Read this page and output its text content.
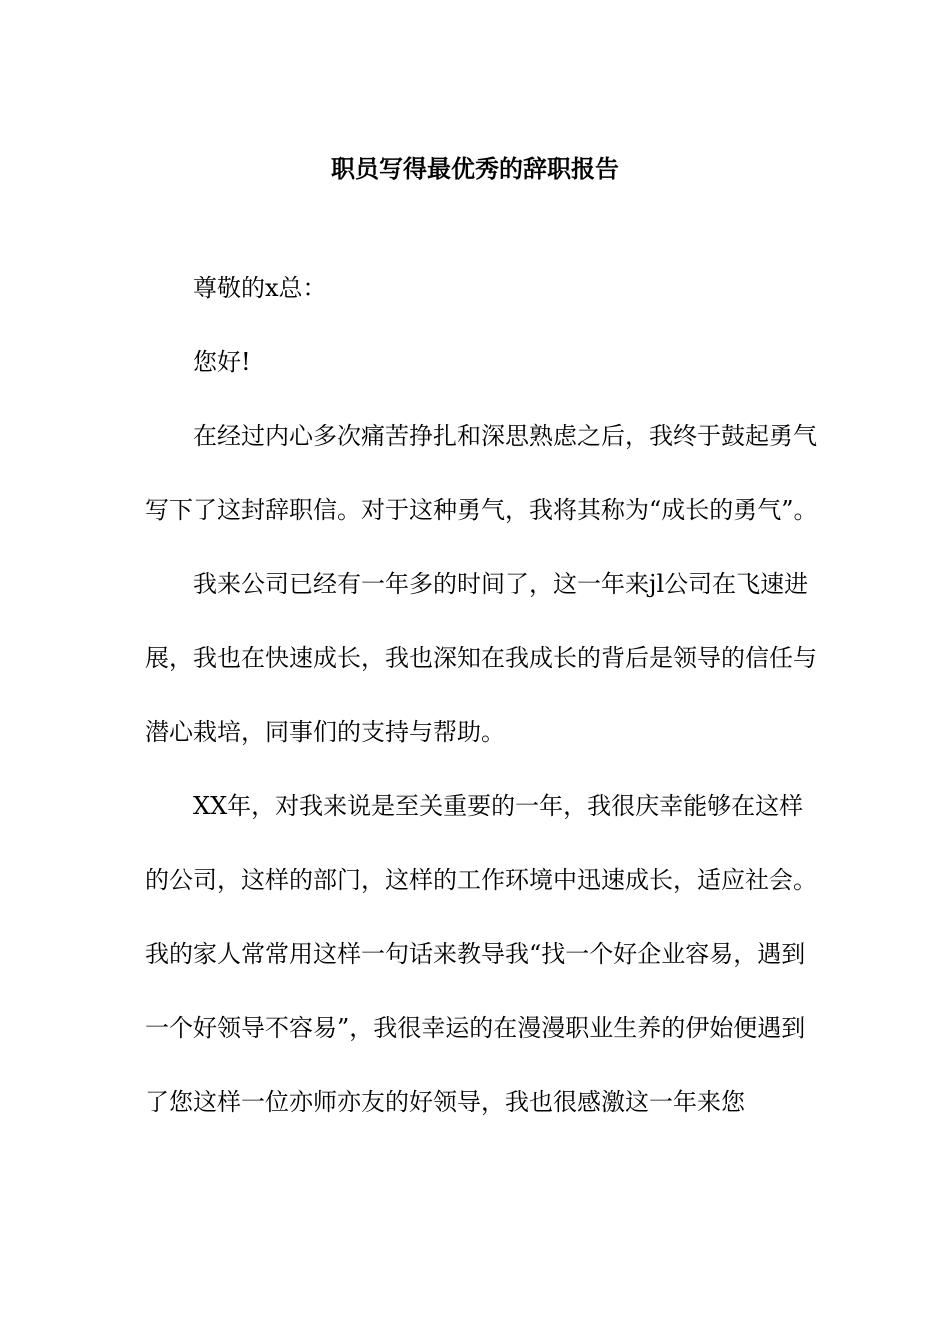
职员写得最优秀的辞职报告

尊敬的x总：

您好!

在经过内心多次痛苦挣扎和深思熟虑之后，我终于鼓起勇气写下了这封辞职信。对于这种勇气，我将其称为“成长的勇气”。

我来公司已经有一年多的时间了，这一年来jl公司在飞速进展，我也在快速成长，我也深知在我成长的背后是领导的信任与潜心栽培，同事们的支持与帮助。

XX年，对我来说是至关重要的一年，我很庆幸能够在这样的公司，这样的部门，这样的工作环境中迅速成长，适应社会。我的家人常常用这样一句话来教导我“找一个好企业容易，遇到一个好领导不容易”，我很幸运的在漫漫职业生养的伊始便遇到了您这样一位亦师亦友的好领导，我也很感激这一年来您
